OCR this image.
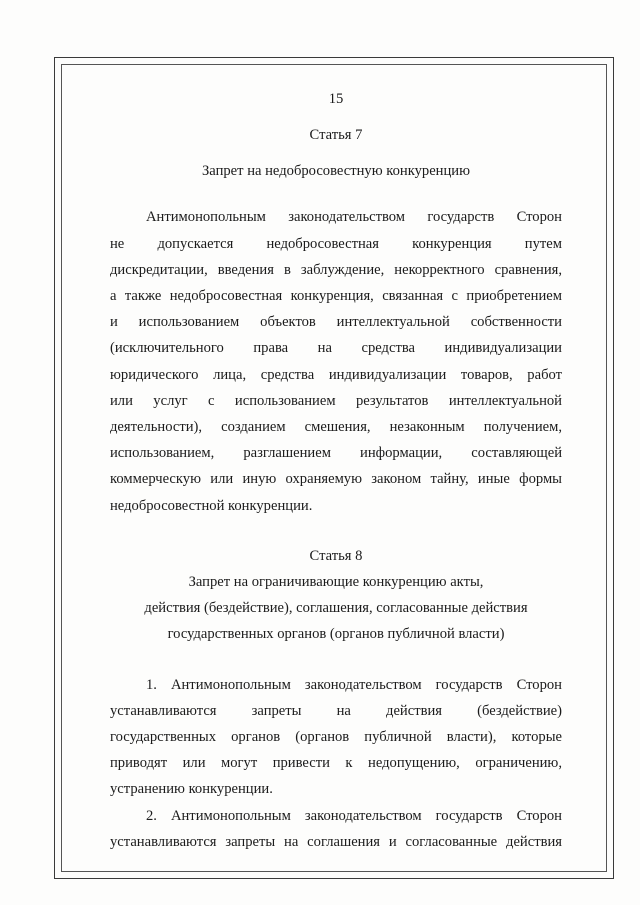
15

Статья 7

Запрет на недобросовестную конкуренцию

Антимонопольным законодательством государств Сторон
не допускается недобросовестная конкуренция путем
дискредитации, введения в заблуждение, некорректного сравнения,
а также недобросовестная конкуренция, связанная с приобретением
и использованием объектов интеллектуальной собственности
(исключительного права на средства индивидуализации
юридического лица, средства индивидуализации товаров, работ
или услуг с использованием результатов интеллектуальной
деятельности), созданием смешения, незаконным получением,
использованием, разглашением информации, составляющей
коммерческую или иную охраняемую законом тайну, иные формы
недобросовестной конкуренции.

Статья 8

Запрет на ограничивающие конкуренцию акты,
действия (бездействие), соглашения, согласованные действия
государственных органов (органов публичной власти)
1. Антимонопольным законодательством государств Сторон
устанавливаются запреты на действия (бездействие)
государственных органов (органов публичной власти), которые
приводят или могут привести к недопущению, ограничению,
устранению конкуренции.
2. Антимонопольным законодательством государств Сторон
устанавливаются запреты на соглашения и согласованные действия
